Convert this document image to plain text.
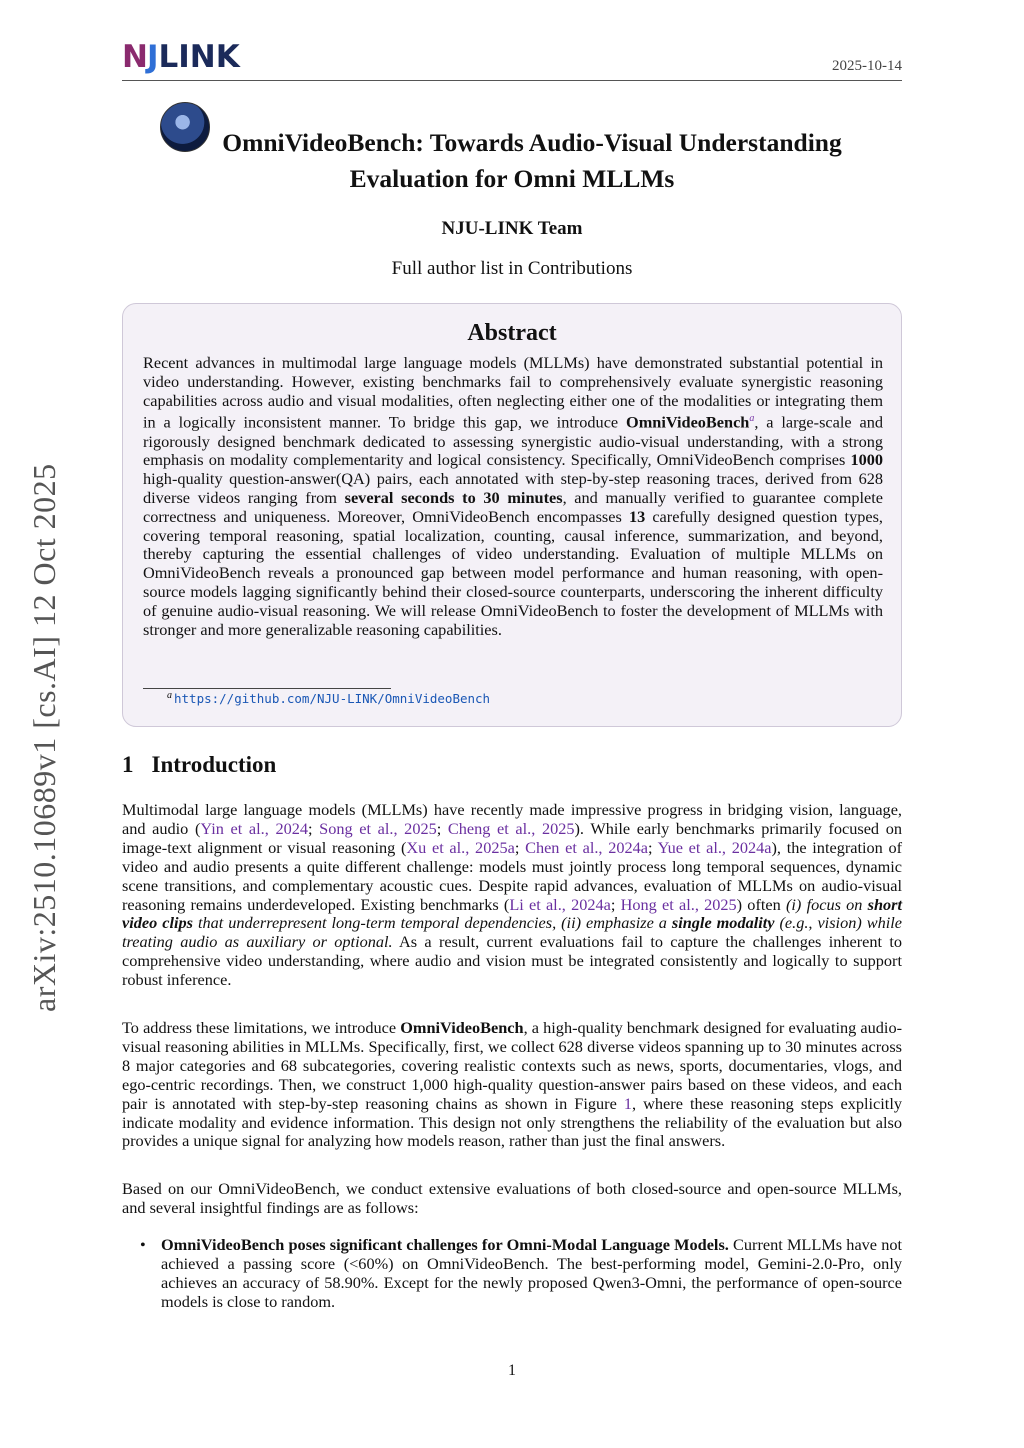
N J LINK	2025-10-14
OmniVideoBench: Towards Audio-Visual Understanding
Evaluation for Omni MLLMs
NJU-LINK Team
Full author list in Contributions
Abstract
Recent advances in multimodal large language models (MLLMs) have demonstrated substantial potential in video understanding. However, existing benchmarks fail to comprehensively evaluate synergistic reasoning capabilities across audio and visual modalities, often neglecting either one of the modalities or integrating them in a logically inconsistent manner. To bridge this gap, we introduce OmniVideoBench$^a$, a large-scale and rigorously designed benchmark dedicated to assessing synergistic audio-visual understanding, with a strong emphasis on modality complementarity and logical consistency. Specifically, OmniVideoBench comprises 1000 high-quality question-answer(QA) pairs, each annotated with step-by-step reasoning traces, derived from 628 diverse videos ranging from several seconds to 30 minutes, and manually verified to guarantee complete correctness and uniqueness. Moreover, OmniVideoBench encompasses 13 carefully designed question types, covering temporal reasoning, spatial localization, counting, causal inference, summarization, and beyond, thereby capturing the essential challenges of video understanding. Evaluation of multiple MLLMs on OmniVideoBench reveals a pronounced gap between model performance and human reasoning, with open-source models lagging significantly behind their closed-source counterparts, underscoring the inherent difficulty of genuine audio-visual reasoning. We will release OmniVideoBench to foster the development of MLLMs with stronger and more generalizable reasoning capabilities.
$^a$ https://github.com/NJU-LINK/OmniVideoBench
arXiv:2510.10689v1 [cs.AI] 12 Oct 2025	1 Introduction
Multimodal large language models (MLLMs) have recently made impressive progress in bridging vision, language, and audio (Yin et al., 2024; Song et al., 2025; Cheng et al., 2025). While early benchmarks primarily focused on image-text alignment or visual reasoning (Xu et al., 2025a; Chen et al., 2024a; Yue et al., 2024a), the integration of video and audio presents a quite different challenge: models must jointly process long temporal sequences, dynamic scene transitions, and complementary acoustic cues. Despite rapid advances, evaluation of MLLMs on audio-visual reasoning remains underdeveloped. Existing benchmarks (Li et al., 2024a; Hong et al., 2025) often (i) focus on short video clips that underrepresent long-term temporal dependencies, (ii) emphasize a single modality (e.g., vision) while treating audio as auxiliary or optional. As a result, current evaluations fail to capture the challenges inherent to comprehensive video understanding, where audio and vision must be integrated consistently and logically to support robust inference.
To address these limitations, we introduce OmniVideoBench, a high-quality benchmark designed for evaluating audio-visual reasoning abilities in MLLMs. Specifically, first, we collect 628 diverse videos spanning up to 30 minutes across 8 major categories and 68 subcategories, covering realistic contexts such as news, sports, documentaries, vlogs, and ego-centric recordings. Then, we construct 1,000 high-quality question-answer pairs based on these videos, and each pair is annotated with step-by-step reasoning chains as shown in Figure 1, where these reasoning steps explicitly indicate modality and evidence information. This design not only strengthens the reliability of the evaluation but also provides a unique signal for analyzing how models reason, rather than just the final answers.
Based on our OmniVideoBench, we conduct extensive evaluations of both closed-source and open-source MLLMs, and several insightful findings are as follows:
• OmniVideoBench poses significant challenges for Omni-Modal Language Models. Current MLLMs have not achieved a passing score (<60%) on OmniVideoBench. The best-performing model, Gemini-2.0-Pro, only achieves an accuracy of 58.90%. Except for the newly proposed Qwen3-Omni, the performance of open-source models is close to random.
1
